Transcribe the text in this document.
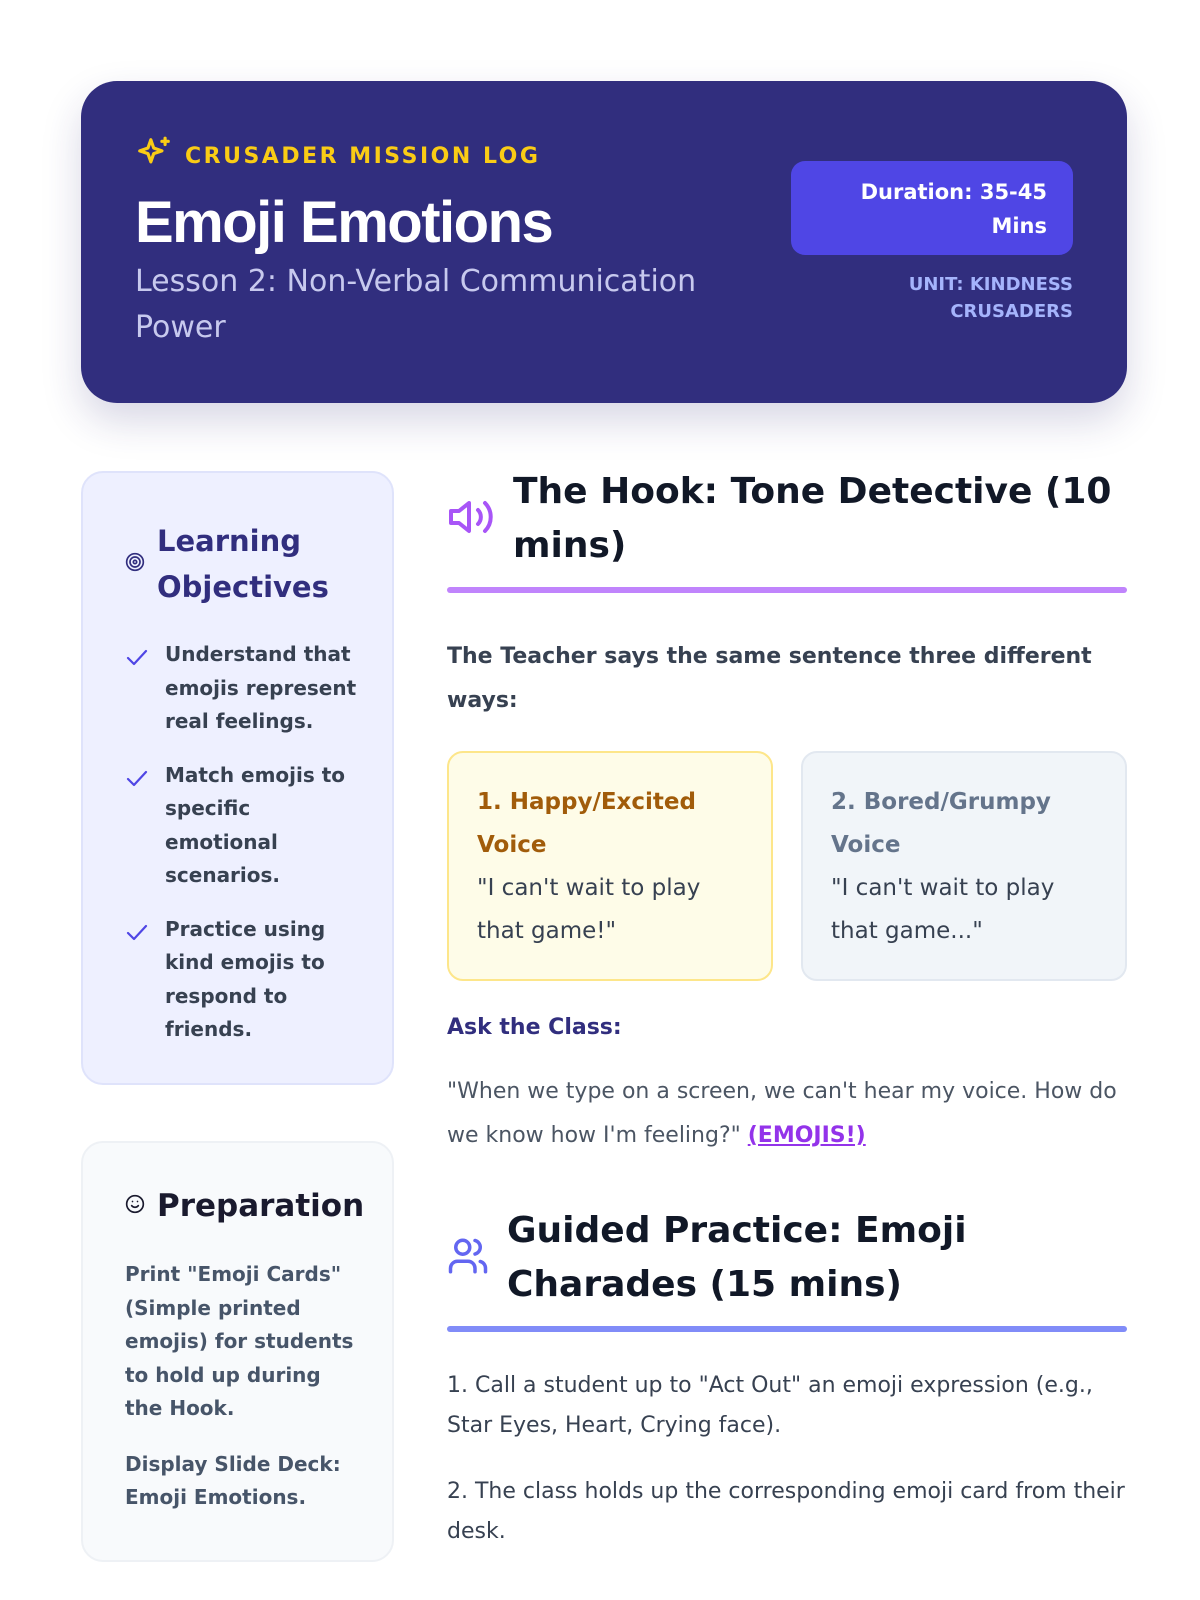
CRUSADER MISSION LOG
Emoji Emotions
Lesson 2: Non-Verbal Communication Power
Duration: 35-45 Mins
UNIT: KINDNESS CRUSADERS
Learning Objectives
Understand that emojis represent real feelings.
Match emojis to specific emotional scenarios.
Practice using kind emojis to respond to friends.
Preparation

Print "Emoji Cards" (Simple printed emojis) for students to hold up during the Hook.

Display Slide Deck: Emoji Emotions.

The Hook: Tone Detective (10 mins)
The Teacher says the same sentence three different ways:
1. Happy/Excited Voice
"I can't wait to play that game!"
2. Bored/Grumpy Voice
"I can't wait to play that game..."
Ask the Class:
"When we type on a screen, we can't hear my voice. How do we know how I'm feeling?" (EMOJIS!)
Guided Practice: Emoji Charades (15 mins)

1. Call a student up to "Act Out" an emoji expression (e.g., Star Eyes, Heart, Crying face).

2. The class holds up the corresponding emoji card from their desk.
